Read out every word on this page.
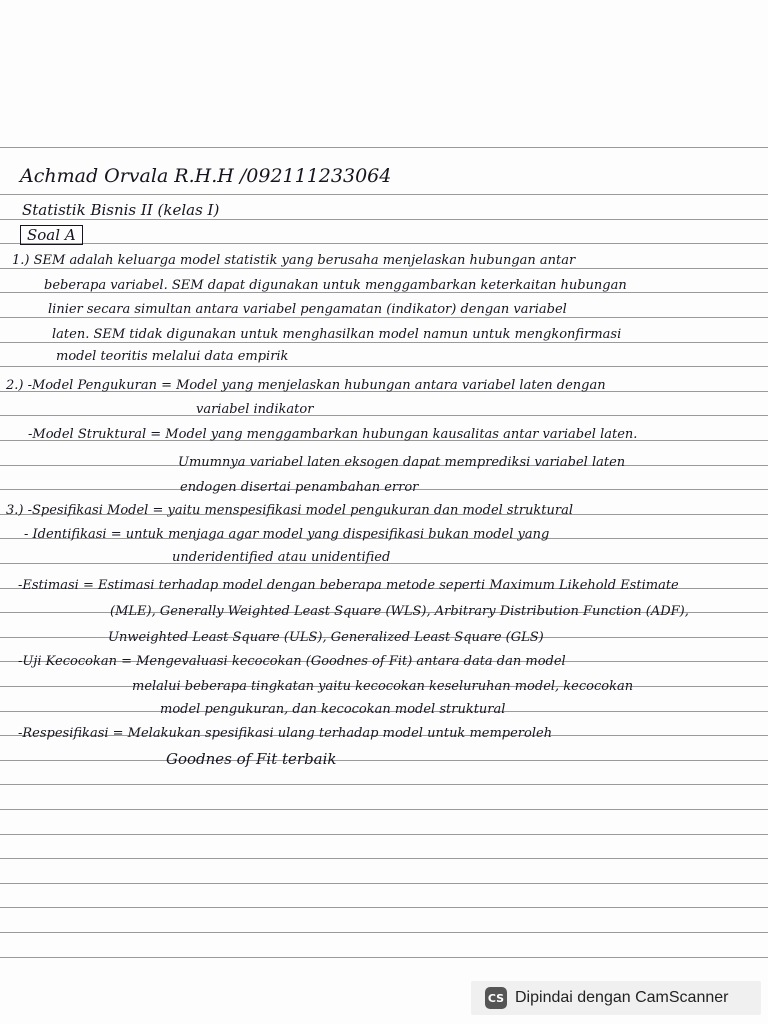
Achmad Orvala R.H.H /092111233064
Statistik Bisnis II (kelas I)
Soal A
1.) SEM adalah keluarga model statistik yang berusaha menjelaskan hubungan antar
beberapa variabel. SEM dapat digunakan untuk menggambarkan keterkaitan hubungan
linier secara simultan antara variabel pengamatan (indikator) dengan variabel
laten. SEM tidak digunakan untuk menghasilkan model namun untuk mengkonfirmasi
model teoritis melalui data empirik
2.) -Model Pengukuran = Model yang menjelaskan hubungan antara variabel laten dengan
variabel indikator
-Model Struktural = Model yang menggambarkan hubungan kausalitas antar variabel laten.
Umumnya variabel laten eksogen dapat memprediksi variabel laten
endogen disertai penambahan error
3.) -Spesifikasi Model = yaitu menspesifikasi model pengukuran dan model struktural
- Identifikasi = untuk menjaga agar model yang dispesifikasi bukan model yang
underidentified atau unidentified
-Estimasi = Estimasi terhadap model dengan beberapa metode seperti Maximum Likehold Estimate
(MLE), Generally Weighted Least Square (WLS), Arbitrary Distribution Function (ADF),
Unweighted Least Square (ULS), Generalized Least Square (GLS)
-Uji Kecocokan = Mengevaluasi kecocokan (Goodnes of Fit) antara data dan model
melalui beberapa tingkatan yaitu kecocokan keseluruhan model, kecocokan
model pengukuran, dan kecocokan model struktural
-Respesifikasi = Melakukan spesifikasi ulang terhadap model untuk memperoleh
Goodnes of Fit terbaik
CS Dipindai dengan CamScanner
